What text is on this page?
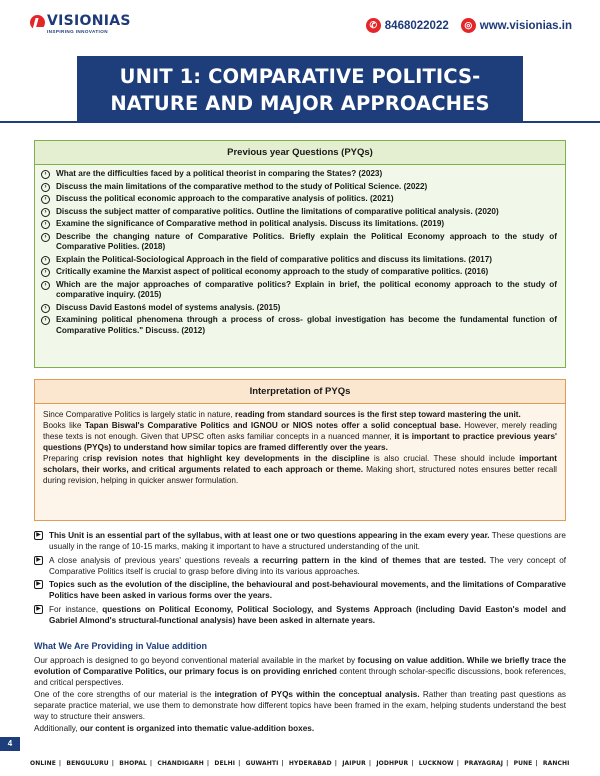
VISIONIAS
INSPIRING INNOVATION
✆ 8468022022	◎ www.visionias.in
UNIT 1: COMPARATIVE POLITICS-
NATURE AND MAJOR APPROACHES
Previous year Questions (PYQs)
›	What are the difficulties faced by a political theorist in comparing the States? (2023)
›	Discuss the main limitations of the comparative method to the study of Political Science. (2022)
›	Discuss the political economic approach to the comparative analysis of politics. (2021)
›	Discuss the subject matter of comparative politics. Outline the limitations of comparative political analysis. (2020)
›	Examine the significance of Comparative method in political analysis. Discuss its limitations. (2019)
›	Describe the changing nature of Comparative Politics. Briefly explain the Political Economy approach to the study of Comparative Polities. (2018)
›	Explain the Political-Sociological Approach in the field of comparative politics and discuss its limitations. (2017)
›	Critically examine the Marxist aspect of political economy approach to the study of comparative politics. (2016)
›	Which are the major approaches of comparative politics? Explain in brief, the political economy approach to the study of comparative inquiry. (2015)
›	Discuss David Eastonś model of systems analysis. (2015)
›	Examining political phenomena through a process of cross- global investigation has become the fundamental function of Comparative Politics." Discuss. (2012)
Interpretation of PYQs

Since Comparative Politics is largely static in nature, reading from standard sources is the first step toward mastering the unit.

Books like Tapan Biswal's Comparative Politics and IGNOU or NIOS notes offer a solid conceptual base. However, merely reading these texts is not enough. Given that UPSC often asks familiar concepts in a nuanced manner, it is important to practice previous years' questions (PYQs) to understand how similar topics are framed differently over the years.

Preparing crisp revision notes that highlight key developments in the discipline is also crucial. These should include important scholars, their works, and critical arguments related to each approach or theme. Making short, structured notes ensures better recall during revision, helping in quicker answer formulation.

▶ This Unit is an essential part of the syllabus, with at least one or two questions appearing in the exam every year. These questions are usually in the range of 10-15 marks, making it important to have a structured understanding of the unit.
▶ A close analysis of previous years' questions reveals a recurring pattern in the kind of themes that are tested. The very concept of Comparative Politics itself is crucial to grasp before diving into its various approaches.
▶ Topics such as the evolution of the discipline, the behavioural and post-behavioural movements, and the limitations of Comparative Politics have been asked in various forms over the years.
▶ For instance, questions on Political Economy, Political Sociology, and Systems Approach (including David Easton's model and Gabriel Almond's structural-functional analysis) have been asked in alternate years.
What We Are Providing in Value addition

Our approach is designed to go beyond conventional material available in the market by focusing on value addition. While we briefly trace the evolution of Comparative Politics, our primary focus is on providing enriched content through scholar-specific discussions, book references, and critical perspectives.

One of the core strengths of our material is the integration of PYQs within the conceptual analysis. Rather than treating past questions as separate practice material, we use them to demonstrate how different topics have been framed in the exam, helping students understand the best way to structure their answers.

Additionally, our content is organized into thematic value-addition boxes.

4
ONLINE | BENGULURU | BHOPAL | CHANDIGARH | DELHI | GUWAHTI | HYDERABAD | JAIPUR | JODHPUR | LUCKNOW | PRAYAGRAJ | PUNE | RANCHI
